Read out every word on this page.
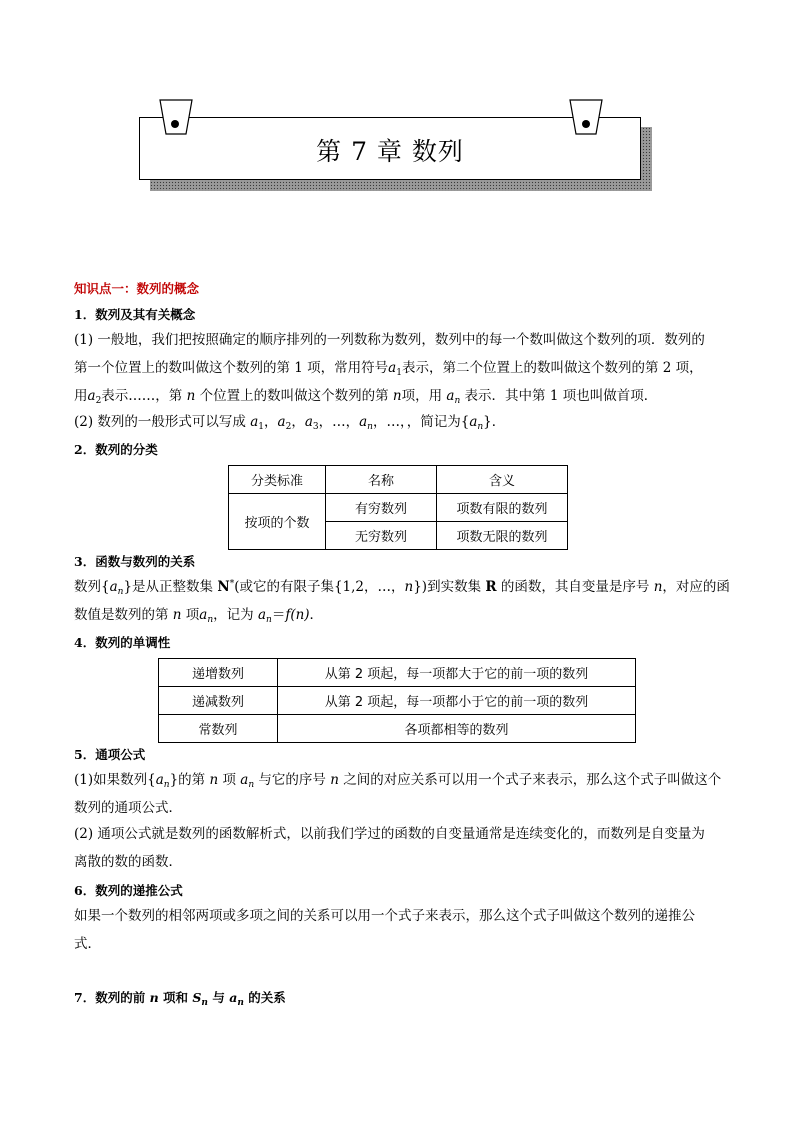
第 7 章 数列
知识点一：数列的概念
1．数列及其有关概念
(1) 一般地，我们把按照确定的顺序排列的一列数称为数列，数列中的每一个数叫做这个数列的项．数列的
第一个位置上的数叫做这个数列的第 1 项，常用符号$a_1$表示，第二个位置上的数叫做这个数列的第 2 项，
用$a_2$表示……，第 n 个位置上的数叫做这个数列的第 n项，用 $a_n$ 表示．其中第 1 项也叫做首项．
(2) 数列的一般形式可以写成 $a_1$，$a_2$，$a_3$，…，$a_n$，…，，简记为$\{a_n\}$．
2．数列的分类
分类标准	名称	含义
按项的个数	有穷数列	项数有限的数列
	无穷数列	项数无限的数列
3．函数与数列的关系
数列$\{a_n\}$是从正整数集 N*(或它的有限子集{1,2，…，n})到实数集 R 的函数，其自变量是序号 n，对应的函
数值是数列的第 n 项$a_n$，记为 $a_n=f(n)$．
4．数列的单调性
递增数列	从第 2 项起，每一项都大于它的前一项的数列
递减数列	从第 2 项起，每一项都小于它的前一项的数列
常数列	各项都相等的数列
5．通项公式
(1)如果数列$\{a_n\}$的第 n 项 $a_n$ 与它的序号 n 之间的对应关系可以用一个式子来表示，那么这个式子叫做这个
数列的通项公式．
(2) 通项公式就是数列的函数解析式，以前我们学过的函数的自变量通常是连续变化的，而数列是自变量为
离散的数的函数．
6．数列的递推公式
如果一个数列的相邻两项或多项之间的关系可以用一个式子来表示，那么这个式子叫做这个数列的递推公
式．
7．数列的前 n 项和 $S_n$ 与 $a_n$ 的关系
